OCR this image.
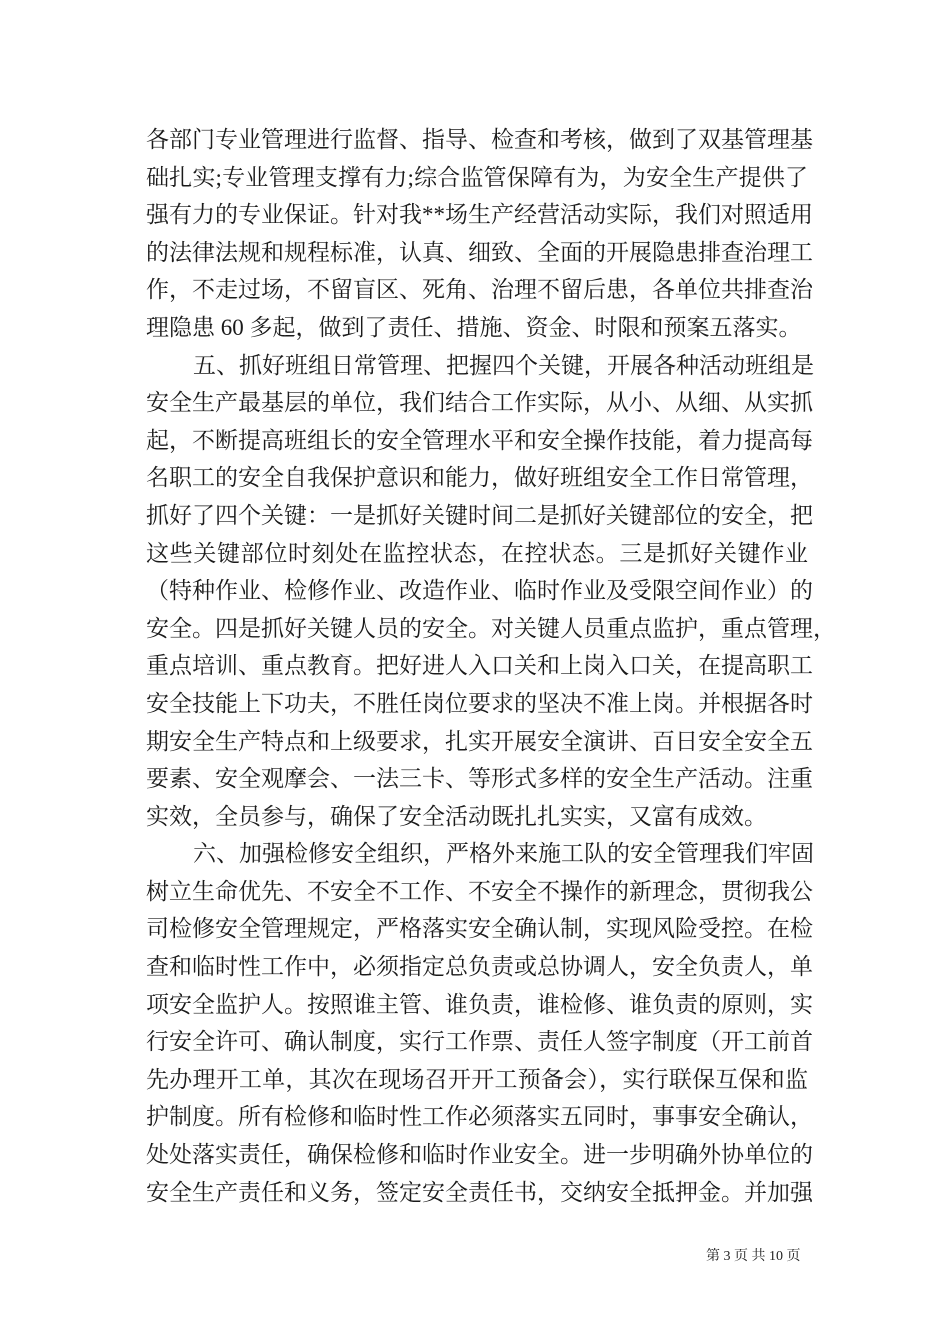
各部门专业管理进行监督、指导、检查和考核，做到了双基管理基
础扎实;专业管理支撑有力;综合监管保障有为，为安全生产提供了
强有力的专业保证。针对我**场生产经营活动实际，我们对照适用
的法律法规和规程标准，认真、细致、全面的开展隐患排查治理工
作，不走过场，不留盲区、死角、治理不留后患，各单位共排查治
理隐患 60 多起，做到了责任、措施、资金、时限和预案五落实。
五、抓好班组日常管理、把握四个关键，开展各种活动班组是
安全生产最基层的单位，我们结合工作实际，从小、从细、从实抓
起，不断提高班组长的安全管理水平和安全操作技能，着力提高每
名职工的安全自我保护意识和能力，做好班组安全工作日常管理，
抓好了四个关键：一是抓好关键时间二是抓好关键部位的安全，把
这些关键部位时刻处在监控状态，在控状态。三是抓好关键作业
（特种作业、检修作业、改造作业、临时作业及受限空间作业）的
安全。四是抓好关键人员的安全。对关键人员重点监护，重点管理，
重点培训、重点教育。把好进人入口关和上岗入口关，在提高职工
安全技能上下功夫，不胜任岗位要求的坚决不准上岗。并根据各时
期安全生产特点和上级要求，扎实开展安全演讲、百日安全安全五
要素、安全观摩会、一法三卡、等形式多样的安全生产活动。注重
实效，全员参与，确保了安全活动既扎扎实实，又富有成效。
六、加强检修安全组织，严格外来施工队的安全管理我们牢固
树立生命优先、不安全不工作、不安全不操作的新理念，贯彻我公
司检修安全管理规定，严格落实安全确认制，实现风险受控。在检
查和临时性工作中，必须指定总负责或总协调人，安全负责人，单
项安全监护人。按照谁主管、谁负责，谁检修、谁负责的原则，实
行安全许可、确认制度，实行工作票、责任人签字制度（开工前首
先办理开工单，其次在现场召开开工预备会），实行联保互保和监
护制度。所有检修和临时性工作必须落实五同时，事事安全确认，
处处落实责任，确保检修和临时作业安全。进一步明确外协单位的
安全生产责任和义务，签定安全责任书，交纳安全抵押金。并加强
第 3 页 共 10 页
